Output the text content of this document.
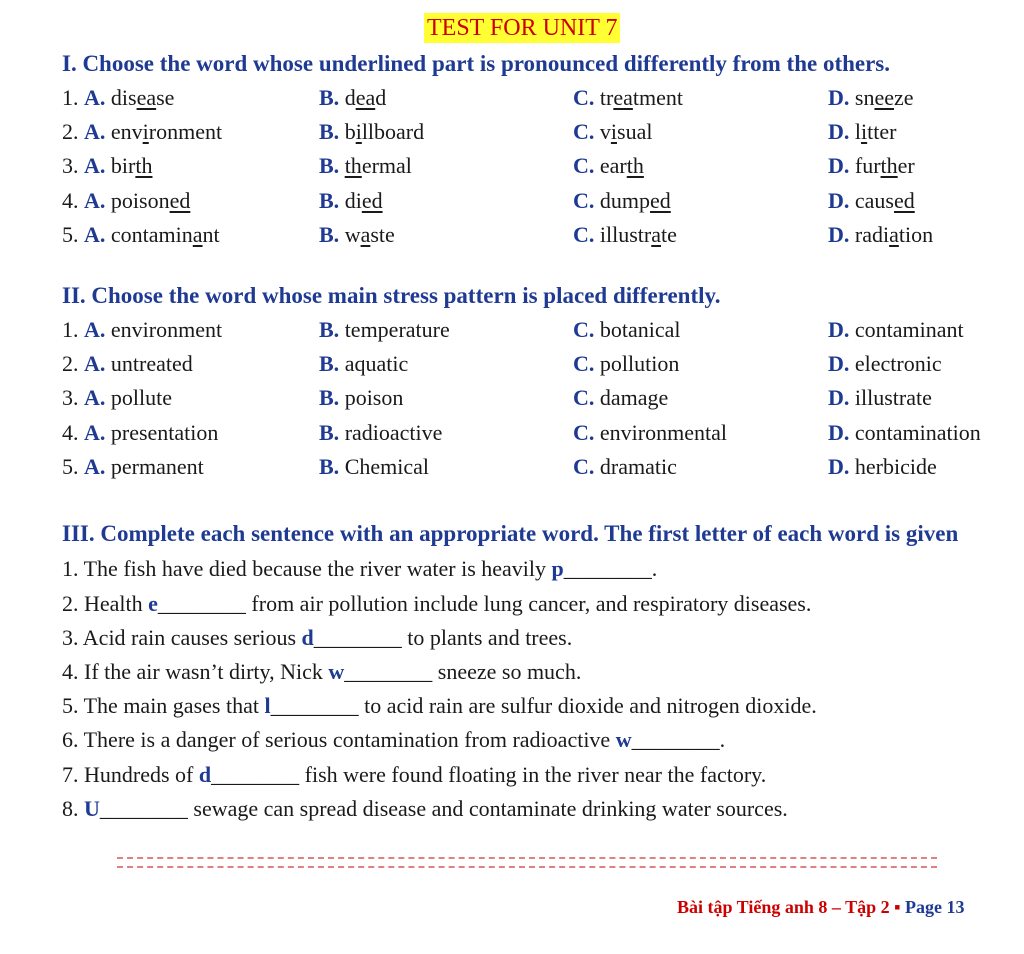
TEST FOR UNIT 7
I. Choose the word whose underlined part is pronounced differently from the others.
1. A. disease	B. dead	C. treatment	D. sneeze
2. A. environment	B. billboard	C. visual	D. litter
3. A. birth	B. thermal	C. earth	D. further
4. A. poisoned	B. died	C. dumped	D. caused
5. A. contaminant	B. waste	C. illustrate	D. radiation
II. Choose the word whose main stress pattern is placed differently.
1. A. environment	B. temperature	C. botanical	D. contaminant
2. A. untreated	B. aquatic	C. pollution	D. electronic
3. A. pollute	B. poison	C. damage	D. illustrate
4. A. presentation	B. radioactive	C. environmental	D. contamination
5. A. permanent	B. Chemical	C. dramatic	D. herbicide
III. Complete each sentence with an appropriate word. The first letter of each word is given
1. The fish have died because the river water is heavily p________.
2. Health e________ from air pollution include lung cancer, and respiratory diseases.
3. Acid rain causes serious d________ to plants and trees.
4. If the air wasn’t dirty, Nick w________ sneeze so much.
5. The main gases that l________ to acid rain are sulfur dioxide and nitrogen dioxide.
6. There is a danger of serious contamination from radioactive w________.
7. Hundreds of d________ fish were found floating in the river near the factory.
8. U________ sewage can spread disease and contaminate drinking water sources.
Bài tập Tiếng anh 8 – Tập 2 ▪ Page 13
